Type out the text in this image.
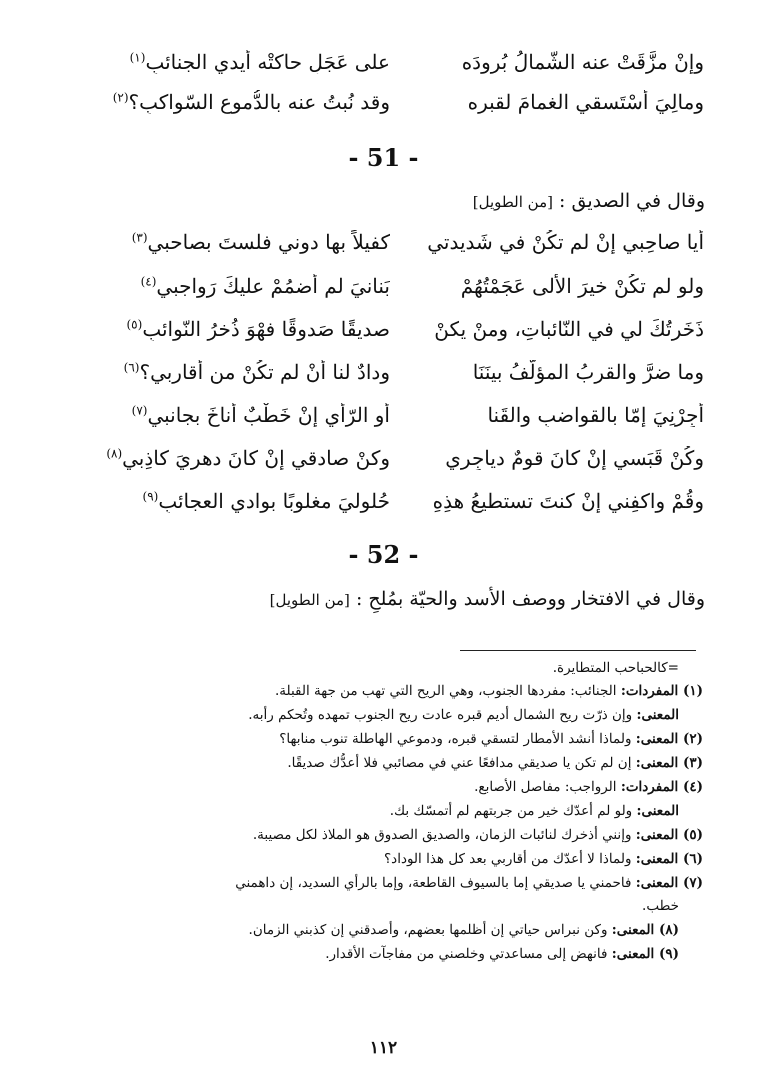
وإنْ مزَّقَتْ عنه الشّمالُ بُرودَه
على عَجَلٍ حاكتْه أيدي الجنائبِ$^{(١)}$
ومالِيَ أَسْتَسقي الغمامَ لقبرِه
وقد نُبتُ عنه بالدُّموعِ السّواكبِ؟$^{(٢)}$
- 51 -
وقال في الصديق : [من الطويل]
أيا صاحِبي إنْ لم تكُنْ في شَديدتي
كفيلاً بها دوني فلستَ بصاحبي$^{(٣)}$
ولو لم تكُنْ خيرَ الأُلى عَجَمْتُهُمْ
بَنانيَ لم أضمُمْ عليكَ رَواجبي$^{(٤)}$
ذَخَرتُكَ لي في النّائباتِ، ومنْ يكنْ
صديقًا صَدوقًا فهْوَ ذُخرُ النّوائبِ$^{(٥)}$
وما ضرَّ والقربُ المؤلّفُ بينَنَا
وِدادٌ لنا أنْ لم تكُنْ من أقاربي؟$^{(٦)}$
أجِرْنِيَ إمّا بالقواضبِ والقَنا
أَوِ الرّأْيِ إنْ خَطْبٌ أناخَ بجانبي$^{(٧)}$
وكُنْ قَبَسي إنْ كانَ قومٌ دياجِري
وكنْ صادقي إنْ كانَ دهريَ كاذِبي$^{(٨)}$
وقُمْ واكفِني إنْ كنتَ تستطيعُ هذِهِ
حُلوليَ مغلوبًا بوادي العجائبِ$^{(٩)}$
- 52 -
وقال في الافتخار ووصف الأسد والحيّة بمُلحِ : [من الطويل]
=كالحباحب المتطايرة.
(١) المفردات: الجنائب: مفردها الجنوب، وهي الريح التي تهب من جهة القبلة.
المعنى: وإن ذرّت ريح الشمال أديم قبره عادت ريح الجنوب تمهده وتُحكم رأبه.
(٢) المعنى: ولماذا أنشد الأمطار لتسقي قبره، ودموعي الهاطلة تنوب منابها؟
(٣) المعنى: إن لم تكن يا صديقي مدافعًا عني في مصائبي فلا أعدُّك صديقًا.
(٤) المفردات: الرواجب: مفاصل الأصابع.
المعنى: ولو لم أعدّك خير من جربتهم لم أتمسّك بك.
(٥) المعنى: وإنني أذخرك لنائبات الزمان، والصديق الصدوق هو الملاذ لكل مصيبة.
(٦) المعنى: ولماذا لا أعدّك من أقاربي بعد كل هذا الوداد؟
(٧) المعنى: فاحمني يا صديقي إما بالسيوف القاطعة، وإما بالرأي السديد، إن داهمني
خطب.
(٨) المعنى: وكن نبراس حياتي إن أظلمها بعضهم، وأصدقني إن كذبني الزمان.
(٩) المعنى: فانهض إلى مساعدتي وخلصني من مفاجآت الأقدار.
١١٢
